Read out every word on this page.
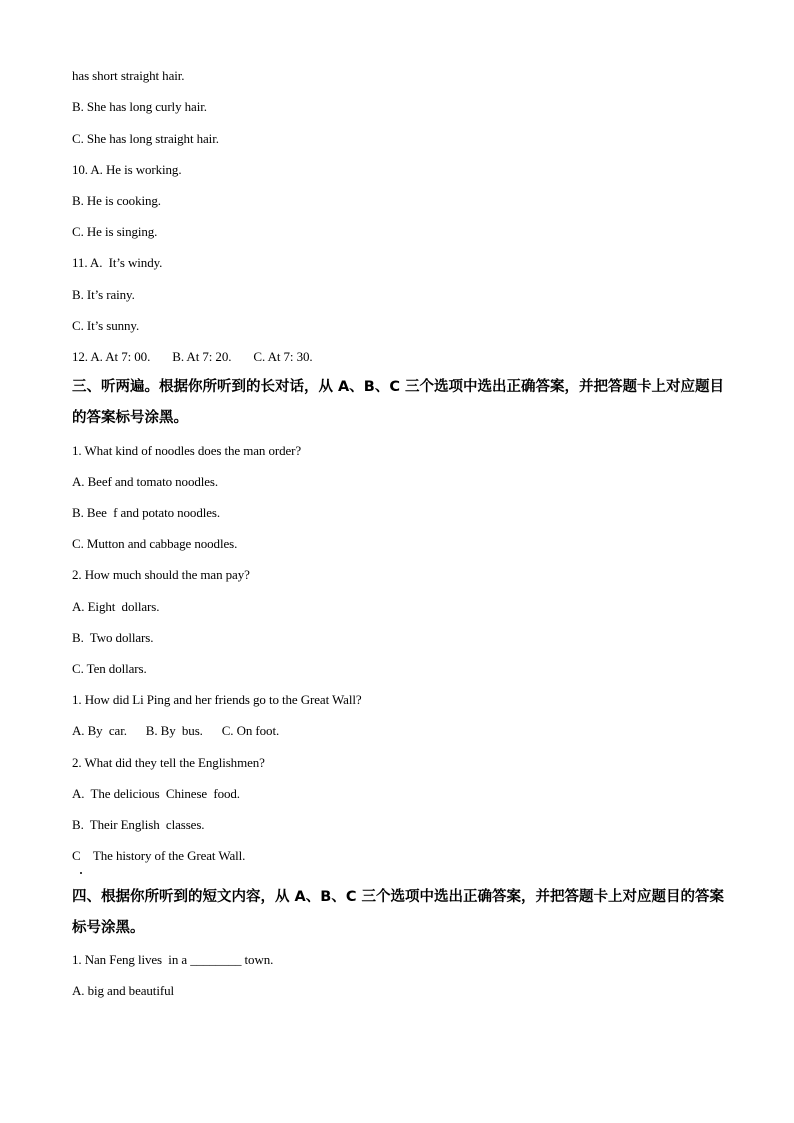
has short straight hair.
B. She has long curly hair.
C. She has long straight hair.
10. A. He is working.
B. He is cooking.
C. He is singing.
11. A.  It’s windy.
B. It’s rainy.
C. It’s sunny.
12. A. At 7: 00.       B. At 7: 20.       C. At 7: 30.
三、听两遍。根据你所听到的长对话，从 A、B、C 三个选项中选出正确答案，并把答题卡上对应题目的答案标号涂黑。
1. What kind of noodles does the man order?
A. Beef and tomato noodles.
B. Bee  f and potato noodles.
C. Mutton and cabbage noodles.
2. How much should the man pay?
A. Eight  dollars.
B.  Two dollars.
C. Ten dollars.
1. How did Li Ping and her friends go to the Great Wall?
A. By  car.      B. By  bus.      C. On foot.
2. What did they tell the Englishmen?
A.  The delicious  Chinese  food.
B.  Their English  classes.
C    The history of the Great Wall.
四、根据你所听到的短文内容，从 A、B、C 三个选项中选出正确答案，并把答题卡上对应题目的答案标号涂黑。
1. Nan Feng lives  in a ________ town.
A. big and beautiful
